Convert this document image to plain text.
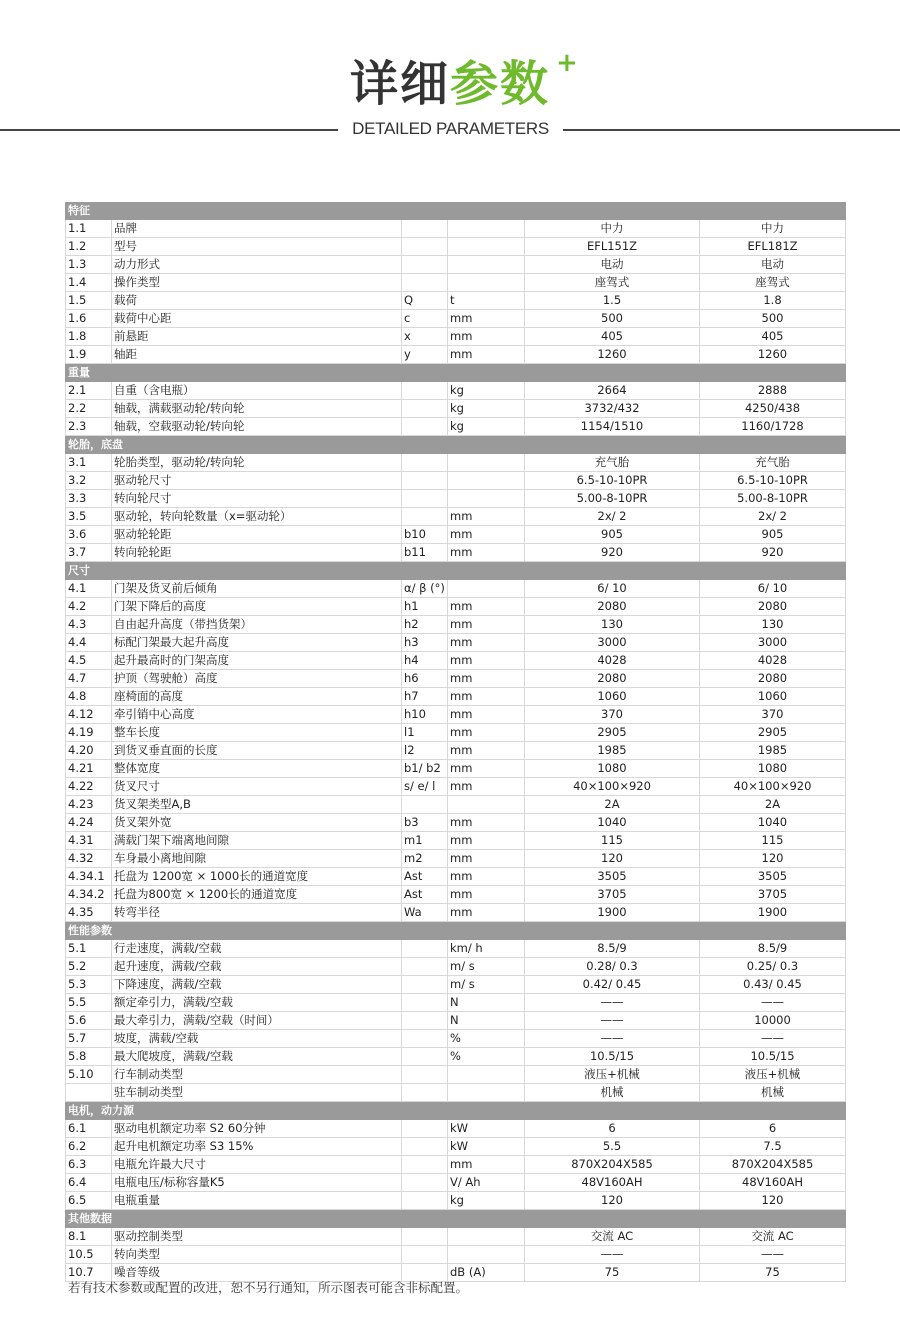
详细参数 +
DETAILED PARAMETERS
特征					
1.1	品牌			中力	中力
1.2	型号			EFL151Z	EFL181Z
1.3	动力形式			电动	电动
1.4	操作类型			座驾式	座驾式
1.5	载荷	Q	t	1.5	1.8
1.6	载荷中心距	c	mm	500	500
1.8	前悬距	x	mm	405	405
1.9	轴距	y	mm	1260	1260
重量					
2.1	自重（含电瓶）		kg	2664	2888
2.2	轴载，满载驱动轮/转向轮		kg	3732/432	4250/438
2.3	轴载，空载驱动轮/转向轮		kg	1154/1510	1160/1728
轮胎，底盘					
3.1	轮胎类型，驱动轮/转向轮			充气胎	充气胎
3.2	驱动轮尺寸			6.5-10-10PR	6.5-10-10PR
3.3	转向轮尺寸			5.00-8-10PR	5.00-8-10PR
3.5	驱动轮，转向轮数量（x=驱动轮）		mm	2x/ 2	2x/ 2
3.6	驱动轮轮距	b10	mm	905	905
3.7	转向轮轮距	b11	mm	920	920
尺寸					
4.1	门架及货叉前后倾角	α/ β (°)		6/ 10	6/ 10
4.2	门架下降后的高度	h1	mm	2080	2080
4.3	自由起升高度（带挡货架）	h2	mm	130	130
4.4	标配门架最大起升高度	h3	mm	3000	3000
4.5	起升最高时的门架高度	h4	mm	4028	4028
4.7	护顶（驾驶舱）高度	h6	mm	2080	2080
4.8	座椅面的高度	h7	mm	1060	1060
4.12	牵引销中心高度	h10	mm	370	370
4.19	整车长度	l1	mm	2905	2905
4.20	到货叉垂直面的长度	l2	mm	1985	1985
4.21	整体宽度	b1/ b2	mm	1080	1080
4.22	货叉尺寸	s/ e/ l	mm	40×100×920	40×100×920
4.23	货叉架类型A,B			2A	2A
4.24	货叉架外宽	b3	mm	1040	1040
4.31	满载门架下端离地间隙	m1	mm	115	115
4.32	车身最小离地间隙	m2	mm	120	120
4.34.1	托盘为 1200宽 × 1000长的通道宽度	Ast	mm	3505	3505
4.34.2	托盘为800宽 × 1200长的通道宽度	Ast	mm	3705	3705
4.35	转弯半径	Wa	mm	1900	1900
性能参数					
5.1	行走速度，满载/空载		km/ h	8.5/9	8.5/9
5.2	起升速度，满载/空载		m/ s	0.28/ 0.3	0.25/ 0.3
5.3	下降速度，满载/空载		m/ s	0.42/ 0.45	0.43/ 0.45
5.5	额定牵引力，满载/空载		N	——	——
5.6	最大牵引力，满载/空载（时间）		N	——	10000
5.7	坡度，满载/空载		%	——	——
5.8	最大爬坡度，满载/空载		%	10.5/15	10.5/15
5.10	行车制动类型			液压+机械	液压+机械
	驻车制动类型			机械	机械
电机，动力源					
6.1	驱动电机额定功率 S2 60分钟		kW	6	6
6.2	起升电机额定功率 S3 15%		kW	5.5	7.5
6.3	电瓶允许最大尺寸		mm	870X204X585	870X204X585
6.4	电瓶电压/标称容量K5		V/ Ah	48V160AH	48V160AH
6.5	电瓶重量		kg	120	120
其他数据					
8.1	驱动控制类型			交流 AC	交流 AC
10.5	转向类型			——	——
10.7	噪音等级		dB (A)	75	75
若有技术参数或配置的改进，恕不另行通知，所示图表可能含非标配置。
